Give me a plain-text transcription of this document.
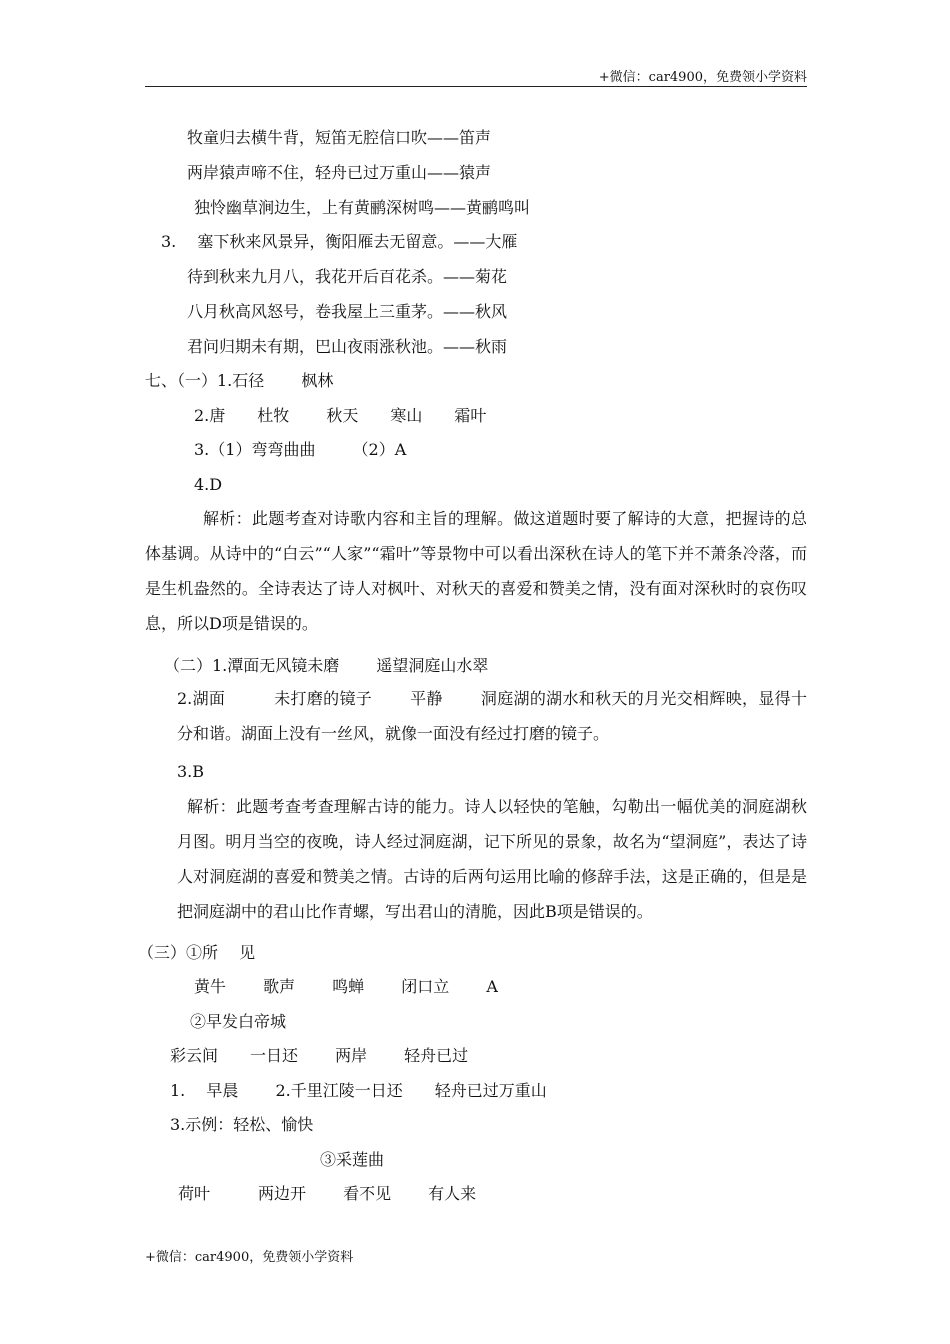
+微信：car4900，免费领小学资料
牧童归去横牛背，短笛无腔信口吹——笛声
两岸猿声啼不住，轻舟已过万重山——猿声
独怜幽草涧边生，上有黄鹂深树鸣——黄鹂鸣叫
3.　 塞下秋来风景异，衡阳雁去无留意。——大雁
待到秋来九月八，我花开后百花杀。——菊花
八月秋高风怒号，卷我屋上三重茅。——秋风
君问归期未有期，巴山夜雨涨秋池。——秋雨
七、（一）1.石径　　 枫林
2.唐　　杜牧　　 秋天　　寒山　　霜叶
3.（1）弯弯曲曲　　 （2）A
4.D
解析：此题考查对诗歌内容和主旨的理解。做这道题时要了解诗的大意，把握诗的总体基调。从诗中的“白云”“人家”“霜叶”等景物中可以看出深秋在诗人的笔下并不萧条冷落，而是生机盎然的。全诗表达了诗人对枫叶、对秋天的喜爱和赞美之情，没有面对深秋时的哀伤叹息，所以D项是错误的。
（二）1.潭面无风镜未磨　　 遥望洞庭山水翠
2.湖面　　　未打磨的镜子　　 平静　　 洞庭湖的湖水和秋天的月光交相辉映，显得十分和谐。湖面上没有一丝风，就像一面没有经过打磨的镜子。
3.B
解析：此题考查考查理解古诗的能力。诗人以轻快的笔触，勾勒出一幅优美的洞庭湖秋月图。明月当空的夜晚，诗人经过洞庭湖，记下所见的景象，故名为“望洞庭”，表达了诗人对洞庭湖的喜爱和赞美之情。古诗的后两句运用比喻的修辞手法，这是正确的，但是是把洞庭湖中的君山比作青螺，写出君山的清脆，因此B项是错误的。
（三）①所　 见
黄牛　　 歌声　　 鸣蝉　　 闭口立　　 A
②早发白帝城
彩云间　　一日还　　 两岸　　 轻舟已过
1.　 早晨　　 2.千里江陵一日还　　轻舟已过万重山
3.示例：轻松、愉快
③采莲曲
荷叶　　　两边开　　 看不见　　 有人来
+微信：car4900，免费领小学资料
